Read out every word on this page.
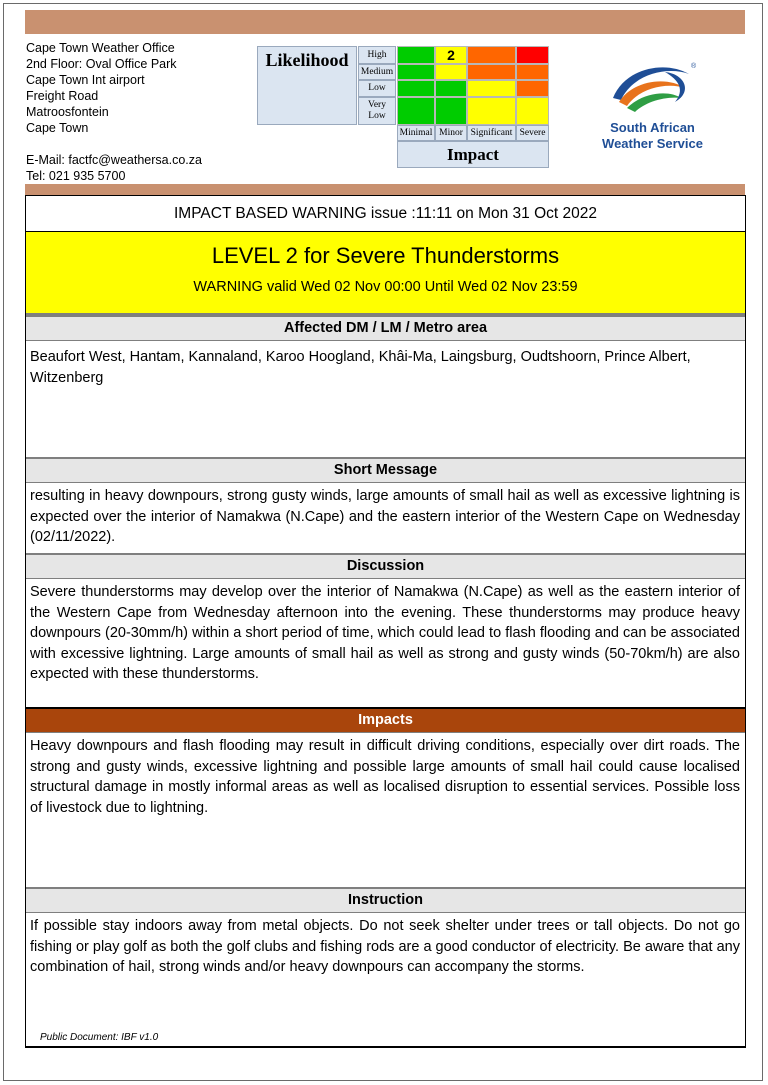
Cape Town Weather Office
2nd Floor: Oval Office Park
Cape Town Int airport
Freight Road
Matroosfontein
Cape Town
E-Mail: factfc@weathersa.co.za
Tel: 021 935 5700
Likelihood
Impact
High	2
Medium
Low
Very Low
Minimal Minor Significant Severe
®
South African
Weather Service
IMPACT BASED WARNING issue :11:11 on Mon 31 Oct 2022
LEVEL 2 for Severe Thunderstorms
WARNING valid Wed 02 Nov 00:00 Until Wed 02 Nov 23:59
Affected DM / LM / Metro area
Beaufort West, Hantam, Kannaland, Karoo Hoogland, Khâi-Ma, Laingsburg, Oudtshoorn, Prince Albert, Witzenberg
Short Message
resulting in heavy downpours, strong gusty winds, large amounts of small hail as well as excessive lightning is expected over the interior of Namakwa (N.Cape) and the eastern interior of the Western Cape on Wednesday (02/11/2022).
Discussion
Severe thunderstorms may develop over the interior of Namakwa (N.Cape) as well as the eastern interior of the Western Cape from Wednesday afternoon into the evening. These thunderstorms may produce heavy downpours (20-30mm/h) within a short period of time, which could lead to flash flooding and can be associated with excessive lightning. Large amounts of small hail as well as strong and gusty winds (50-70km/h) are also expected with these thunderstorms.
Impacts
Heavy downpours and flash flooding may result in difficult driving conditions, especially over dirt roads. The strong and gusty winds, excessive lightning and possible large amounts of small hail could cause localised structural damage in mostly informal areas as well as localised disruption to essential services. Possible loss of livestock due to lightning.
Instruction
If possible stay indoors away from metal objects. Do not seek shelter under trees or tall objects. Do not go fishing or play golf as both the golf clubs and fishing rods are a good conductor of electricity. Be aware that any combination of hail, strong winds and/or heavy downpours can accompany the storms.
Public Document: IBF v1.0
